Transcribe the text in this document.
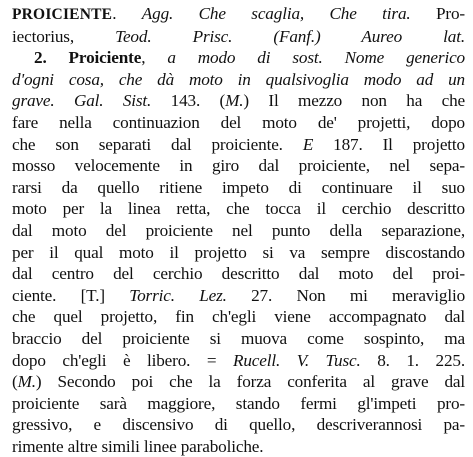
PROICIENTE. Agg. Che scaglia, Che tira. Pro-
iectorius, Teod. Prisc. (Fanf.) Aureo lat.
2. Proiciente, a modo di sost. Nome generico
d'ogni cosa, che dà moto in qualsivoglia modo ad un
grave. Gal. Sist. 143. (M.) Il mezzo non ha che
fare nella continuazion del moto de' projetti, dopo
che son separati dal proiciente. E 187. Il projetto
mosso velocemente in giro dal proiciente, nel sepa-
rarsi da quello ritiene impeto di continuare il suo
moto per la linea retta, che tocca il cerchio descritto
dal moto del proiciente nel punto della separazione,
per il qual moto il projetto si va sempre discostando
dal centro del cerchio descritto dal moto del proi-
ciente. [T.] Torric. Lez. 27. Non mi meraviglio
che quel projetto, fin ch'egli viene accompagnato dal
braccio del proiciente si muova come sospinto, ma
dopo ch'egli è libero. = Rucell. V. Tusc. 8. 1. 225.
(M.) Secondo poi che la forza conferita al grave dal
proiciente sarà maggiore, stando fermi gl'impeti pro-
gressivo, e discensivo di quello, descriverannosi pa-
rimente altre simili linee paraboliche.
